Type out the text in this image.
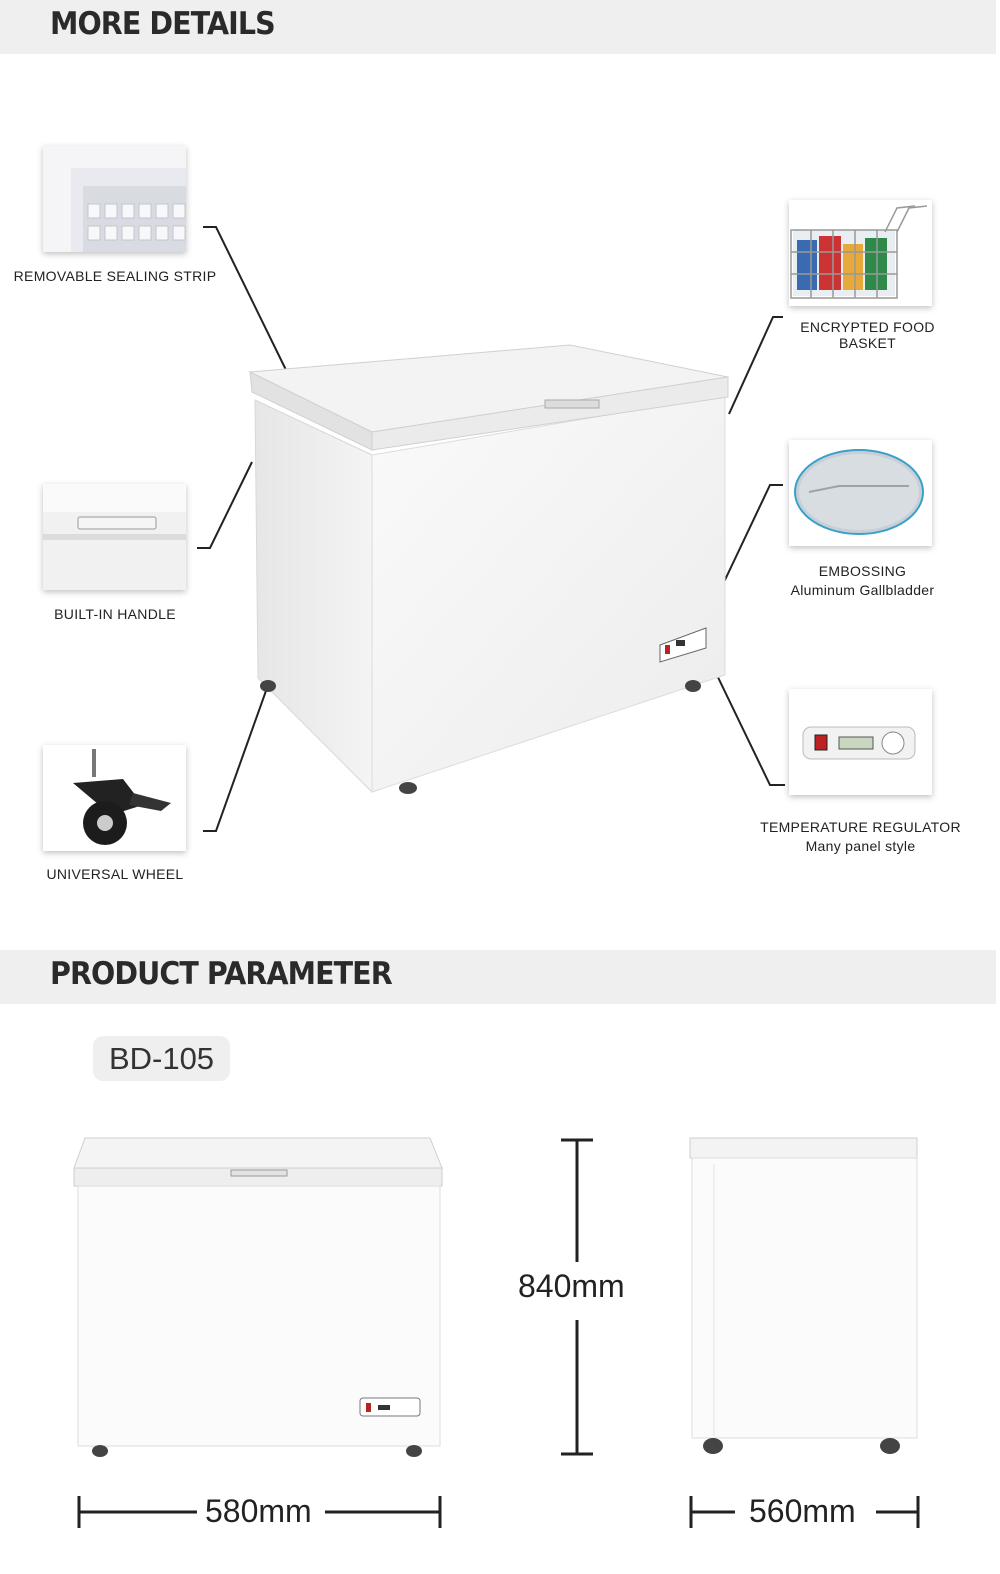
MORE DETAILS
REMOVABLE SEALING STRIP
BUILT-IN HANDLE
UNIVERSAL WHEEL
ENCRYPTED FOOD BASKET
EMBOSSING
Aluminum Gallbladder
TEMPERATURE REGULATOR
Many panel style
PRODUCT PARAMETER
BD-105
840mm
580mm	560mm
